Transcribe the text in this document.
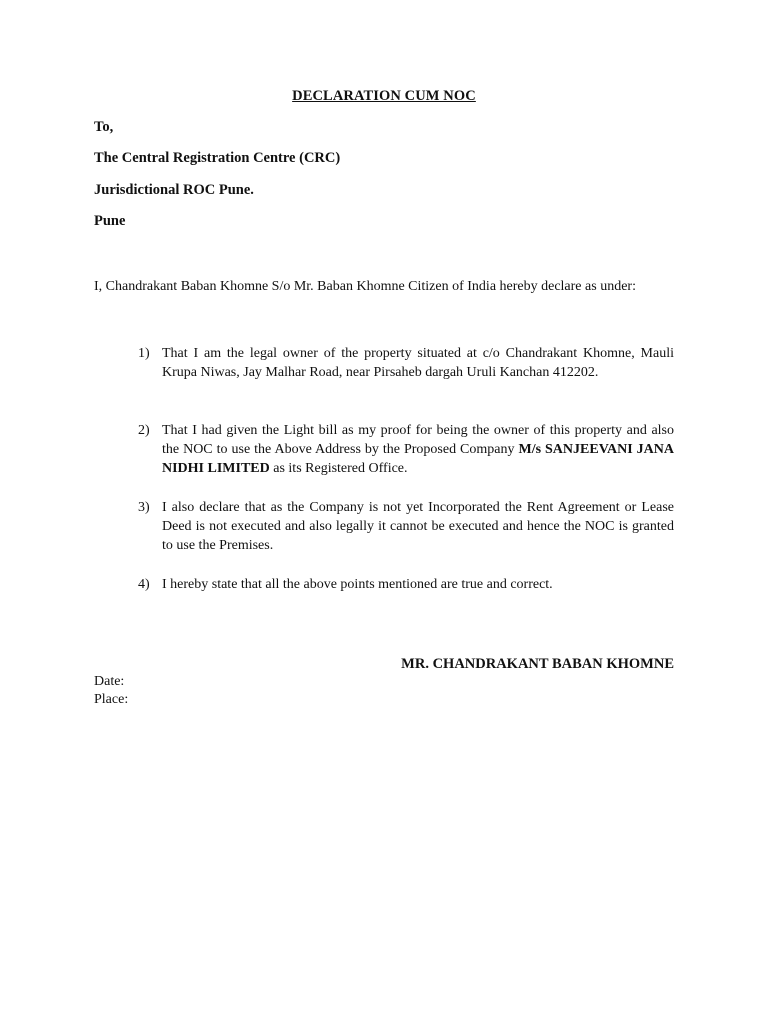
DECLARATION CUM NOC
To,
The Central Registration Centre (CRC)
Jurisdictional ROC Pune.
Pune
I, Chandrakant Baban Khomne S/o Mr. Baban Khomne Citizen of India hereby declare as under:
1) That I am the legal owner of the property situated at c/o Chandrakant Khomne, Mauli Krupa Niwas, Jay Malhar Road, near Pirsaheb dargah Uruli Kanchan 412202.
2) That I had given the Light bill as my proof for being the owner of this property and also the NOC to use the Above Address by the Proposed Company M/s SANJEEVANI JANA NIDHI LIMITED as its Registered Office.
3) I also declare that as the Company is not yet Incorporated the Rent Agreement or Lease Deed is not executed and also legally it cannot be executed and hence the NOC is granted to use the Premises.
4) I hereby state that all the above points mentioned are true and correct.
MR. CHANDRAKANT BABAN KHOMNE
Date:
Place:
